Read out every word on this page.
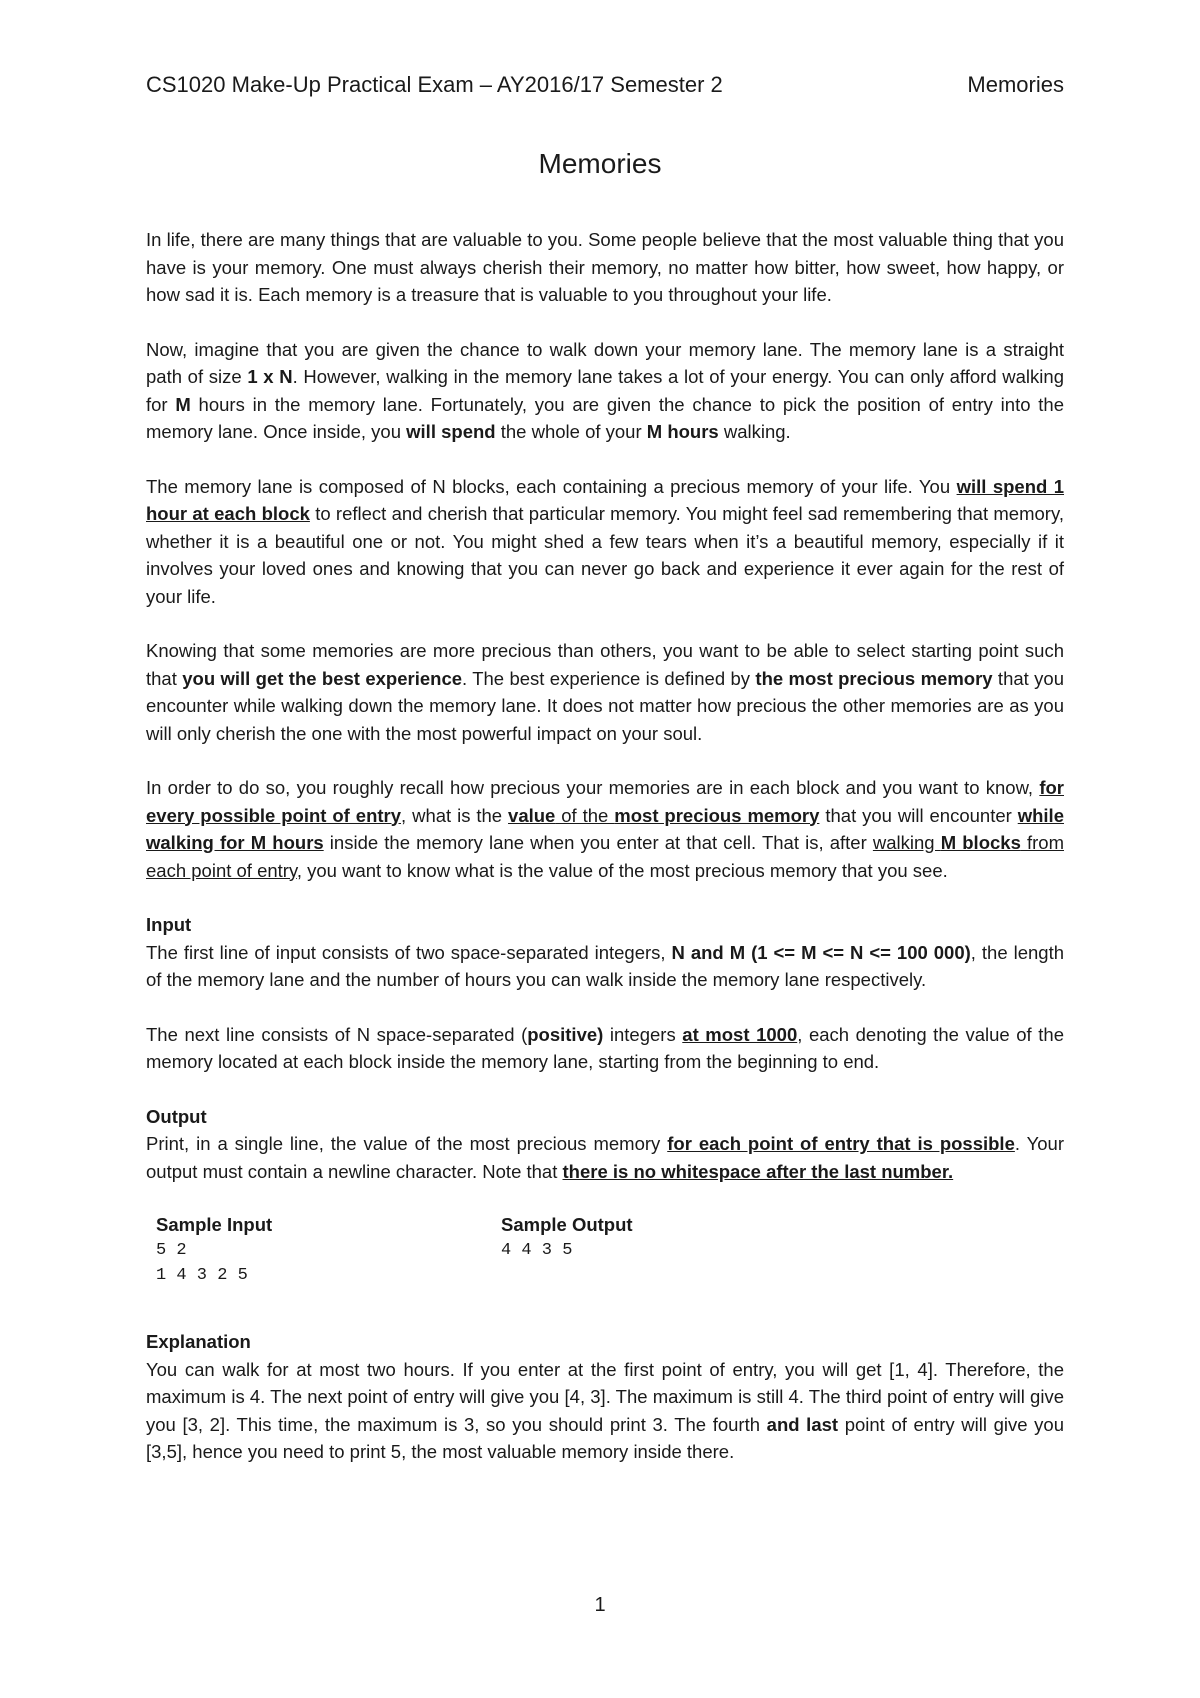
CS1020 Make-Up Practical Exam – AY2016/17 Semester 2	Memories
Memories

In life, there are many things that are valuable to you. Some people believe that the most valuable thing that you have is your memory. One must always cherish their memory, no matter how bitter, how sweet, how happy, or how sad it is. Each memory is a treasure that is valuable to you throughout your life.

Now, imagine that you are given the chance to walk down your memory lane. The memory lane is a straight path of size 1 x N. However, walking in the memory lane takes a lot of your energy. You can only afford walking for M hours in the memory lane. Fortunately, you are given the chance to pick the position of entry into the memory lane. Once inside, you will spend the whole of your M hours walking.

The memory lane is composed of N blocks, each containing a precious memory of your life. You will spend 1 hour at each block to reflect and cherish that particular memory. You might feel sad remembering that memory, whether it is a beautiful one or not. You might shed a few tears when it’s a beautiful memory, especially if it involves your loved ones and knowing that you can never go back and experience it ever again for the rest of your life.

Knowing that some memories are more precious than others, you want to be able to select starting point such that you will get the best experience. The best experience is defined by the most precious memory that you encounter while walking down the memory lane. It does not matter how precious the other memories are as you will only cherish the one with the most powerful impact on your soul.

In order to do so, you roughly recall how precious your memories are in each block and you want to know, for every possible point of entry, what is the value of the most precious memory that you will encounter while walking for M hours inside the memory lane when you enter at that cell. That is, after walking M blocks from each point of entry, you want to know what is the value of the most precious memory that you see.

Input

The first line of input consists of two space-separated integers, N and M (1 <= M <= N <= 100 000), the length of the memory lane and the number of hours you can walk inside the memory lane respectively.

The next line consists of N space-separated (positive) integers at most 1000, each denoting the value of the memory located at each block inside the memory lane, starting from the beginning to end.

Output

Print, in a single line, the value of the most precious memory for each point of entry that is possible. Your output must contain a newline character. Note that there is no whitespace after the last number.

Sample Input
5 2
1 4 3 2 5
Sample Output
4 4 3 5
Explanation

You can walk for at most two hours. If you enter at the first point of entry, you will get [1, 4]. Therefore, the maximum is 4. The next point of entry will give you [4, 3]. The maximum is still 4. The third point of entry will give you [3, 2]. This time, the maximum is 3, so you should print 3. The fourth and last point of entry will give you [3,5], hence you need to print 5, the most valuable memory inside there.

1
